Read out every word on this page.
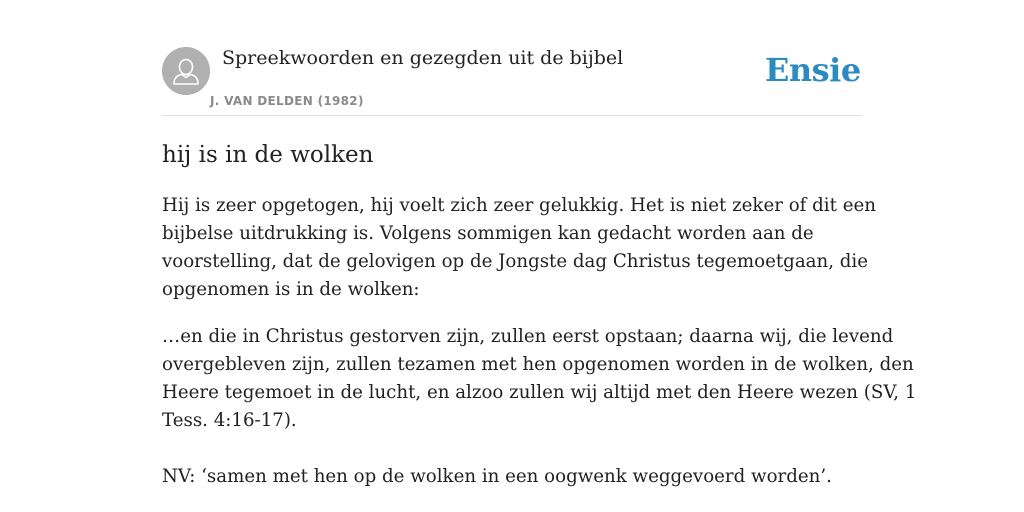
Spreekwoorden en gezegden uit de bijbel
J. VAN DELDEN (1982)
Ensie
hij is in de wolken

Hij is zeer opgetogen, hij voelt zich zeer gelukkig. Het is niet zeker of dit een
bijbelse uitdrukking is. Volgens sommigen kan gedacht worden aan de
voorstelling, dat de gelovigen op de Jongste dag Christus tegemoetgaan, die
opgenomen is in de wolken:

…en die in Christus gestorven zijn, zullen eerst opstaan; daarna wij, die levend
overgebleven zijn, zullen tezamen met hen opgenomen worden in de wolken, den
Heere tegemoet in de lucht, en alzoo zullen wij altijd met den Heere wezen (SV, 1
Tess. 4:16-17).

NV: ‘samen met hen op de wolken in een oogwenk weggevoerd worden’.
